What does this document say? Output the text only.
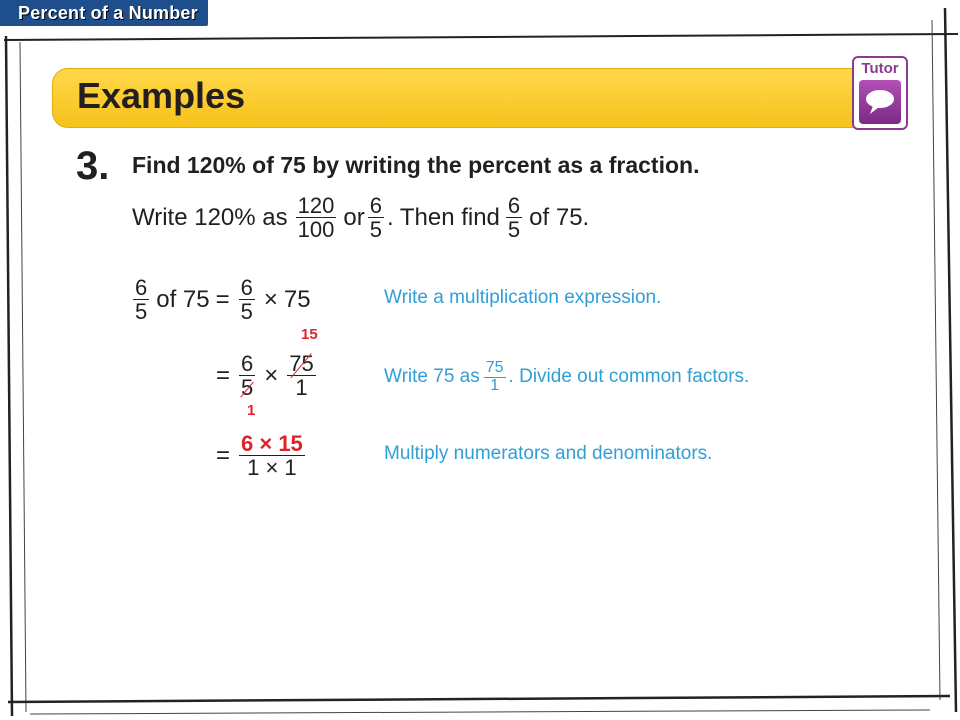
Percent of a Number
Examples
Tutor
3. Find 120% of 75 by writing the percent as a fraction.
Write 120% as $\frac{120}{100}$ or $\frac{6}{5}$ . Then find $\frac{6}{5}$ of 75.
$\frac{6}{5}$ of $75 = \frac{6}{5} \times 75$	Write a multiplication expression.
15
= $\frac{6}{5} \times \frac{75}{1}$
1
Write 75 as $\frac{75}{1}$ . Divide out common factors.
= $\frac{6 \times 15}{1 \times 1}$	Multiply numerators and denominators.
